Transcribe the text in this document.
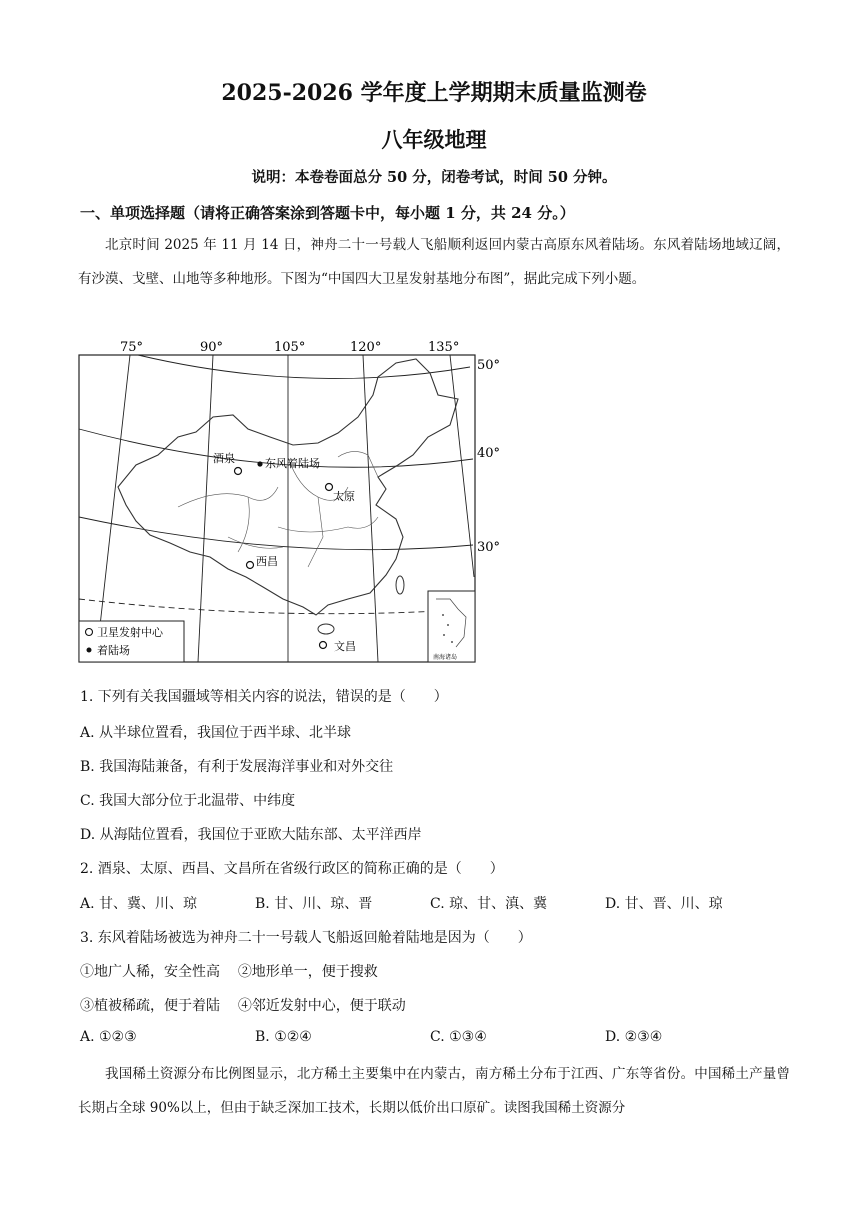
2025-2026 学年度上学期期末质量监测卷
八年级地理
说明：本卷卷面总分 50 分，闭卷考试，时间 50 分钟。
一、单项选择题（请将正确答案涂到答题卡中，每小题 1 分，共 24 分。）
北京时间 2025 年 11 月 14 日，神舟二十一号载人飞船顺利返回内蒙古高原东风着陆场。东风着陆场地域辽阔，有沙漠、戈壁、山地等多种地形。下图为“中国四大卫星发射基地分布图”，据此完成下列小题。
75°	90°	105°	120°	135°
50°
40°
30°
酒泉	东风着陆场
太原
西昌
文昌
卫星发射中心
着陆场
南海诸岛
1. 下列有关我国疆域等相关内容的说法，错误的是（　　）
A. 从半球位置看，我国位于西半球、北半球
B. 我国海陆兼备，有利于发展海洋事业和对外交往
C. 我国大部分位于北温带、中纬度
D. 从海陆位置看，我国位于亚欧大陆东部、太平洋西岸
2. 酒泉、太原、西昌、文昌所在省级行政区的简称正确的是（　　）
A. 甘、冀、川、琼	B. 甘、川、琼、晋	C. 琼、甘、滇、冀	D. 甘、晋、川、琼
3. 东风着陆场被选为神舟二十一号载人飞船返回舱着陆地是因为（　　）
①地广人稀，安全性高 ②地形单一，便于搜救
③植被稀疏，便于着陆 ④邻近发射中心，便于联动
A. ①②③	B. ①②④	C. ①③④	D. ②③④
我国稀土资源分布比例图显示，北方稀土主要集中在内蒙古，南方稀土分布于江西、广东等省份。中国稀土产量曾长期占全球 90%以上，但由于缺乏深加工技术，长期以低价出口原矿。读图我国稀土资源分
